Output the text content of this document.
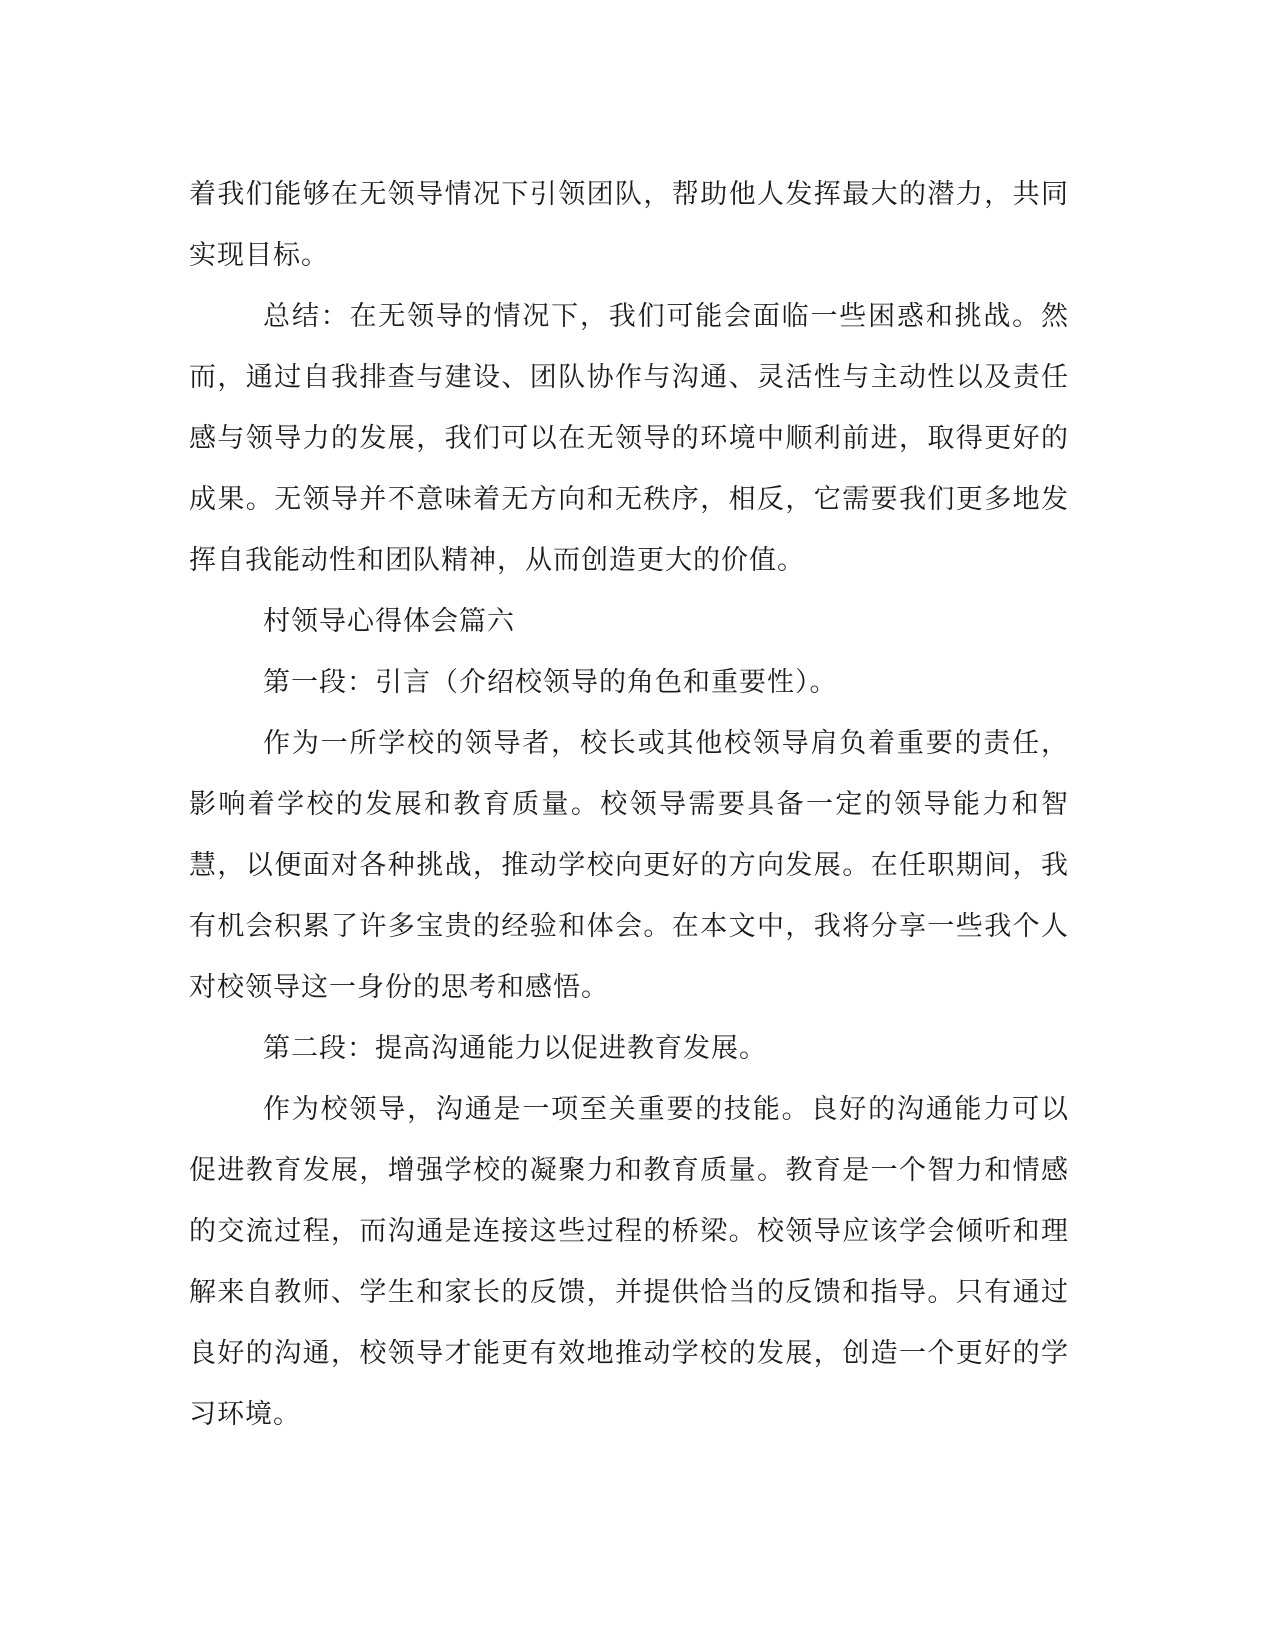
着我们能够在无领导情况下引领团队，帮助他人发挥最大的潜力，共同实现目标。

总结：在无领导的情况下，我们可能会面临一些困惑和挑战。然而，通过自我排查与建设、团队协作与沟通、灵活性与主动性以及责任感与领导力的发展，我们可以在无领导的环境中顺利前进，取得更好的成果。无领导并不意味着无方向和无秩序，相反，它需要我们更多地发挥自我能动性和团队精神，从而创造更大的价值。

村领导心得体会篇六

第一段：引言（介绍校领导的角色和重要性）。

作为一所学校的领导者，校长或其他校领导肩负着重要的责任，影响着学校的发展和教育质量。校领导需要具备一定的领导能力和智慧，以便面对各种挑战，推动学校向更好的方向发展。在任职期间，我有机会积累了许多宝贵的经验和体会。在本文中，我将分享一些我个人对校领导这一身份的思考和感悟。

第二段：提高沟通能力以促进教育发展。

作为校领导，沟通是一项至关重要的技能。良好的沟通能力可以促进教育发展，增强学校的凝聚力和教育质量。教育是一个智力和情感的交流过程，而沟通是连接这些过程的桥梁。校领导应该学会倾听和理解来自教师、学生和家长的反馈，并提供恰当的反馈和指导。只有通过良好的沟通，校领导才能更有效地推动学校的发展，创造一个更好的学习环境。
